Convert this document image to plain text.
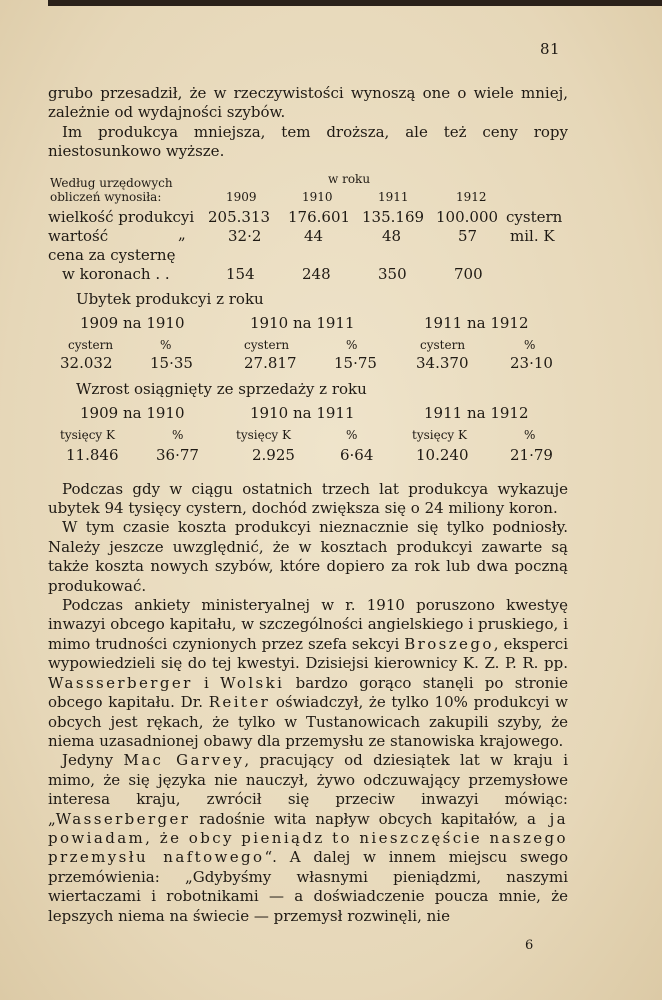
81

grubo przesadził, że w rzeczywistości wynoszą one o wiele mniej, zależnie od wydajności szybów.

Im produkcya mniejsza, tem droższa, ale też ceny ropy niestosunkowo wyższe.

Według urzędowych
obliczeń wynosiła:
w roku
1909	1910	1911	1912
wielkość produkcyi 205.313 176.601 135.169 100.000 cystern
wartość	„	32·2	44	48	57 mil. K
cena za cysternę
w koronach . .	154	248	350	700
Ubytek produkcyi z roku
1909 na 1910	1910 na 1911	1911 na 1912
cystern	%	cystern	%	cystern	%
32.032	15·35	27.817	15·75	34.370	23·10
Wzrost osiągnięty ze sprzedaży z roku
1909 na 1910	1910 na 1911	1911 na 1912
tysięcy K	%	tysięcy K	%	tysięcy K	%
11.846	36·77	2.925	6·64	10.240	21·79

Podczas gdy w ciągu ostatnich trzech lat produkcya wykazuje ubytek 94 tysięcy cystern, dochód zwiększa się o 24 miliony koron.

W tym czasie koszta produkcyi nieznacznie się tylko podniosły. Należy jeszcze uwzględnić, że w kosztach produkcyi zawarte są także koszta nowych szybów, które dopiero za rok lub dwa poczną produkować.

Podczas ankiety ministeryalnej w r. 1910 poruszono kwestyę inwazyi obcego kapitału, w szczególności angielskiego i pruskiego, i mimo trudności czynionych przez szefa sekcyi Broszego, eksperci wypowiedzieli się do tej kwestyi. Dzisiejsi kierownicy K. Z. P. R. pp. Wassserberger i Wolski bardzo gorąco stanęli po stronie obcego kapitału. Dr. Reiter oświadczył, że tylko 10% produkcyi w obcych jest rękach, że tylko w Tustanowicach zakupili szyby, że niema uzasadnionej obawy dla przemysłu ze stanowiska krajowego.

Jedyny Mac Garvey, pracujący od dziesiątek lat w kraju i mimo, że się języka nie nauczył, żywo odczuwający przemysłowe interesa kraju, zwrócił się przeciw inwazyi mówiąc: „Wasserberger radośnie wita napływ obcych kapitałów, a ja powiadam, że obcy pieniądz to nieszczęście naszego przemysłu naftowego“. A dalej w innem miejscu swego przemówienia: „Gdybyśmy własnymi pieniądzmi, naszymi wiertaczami i robotnikami — a doświadczenie poucza mnie, że lepszych niema na świecie — przemysł rozwinęli, nie

6
